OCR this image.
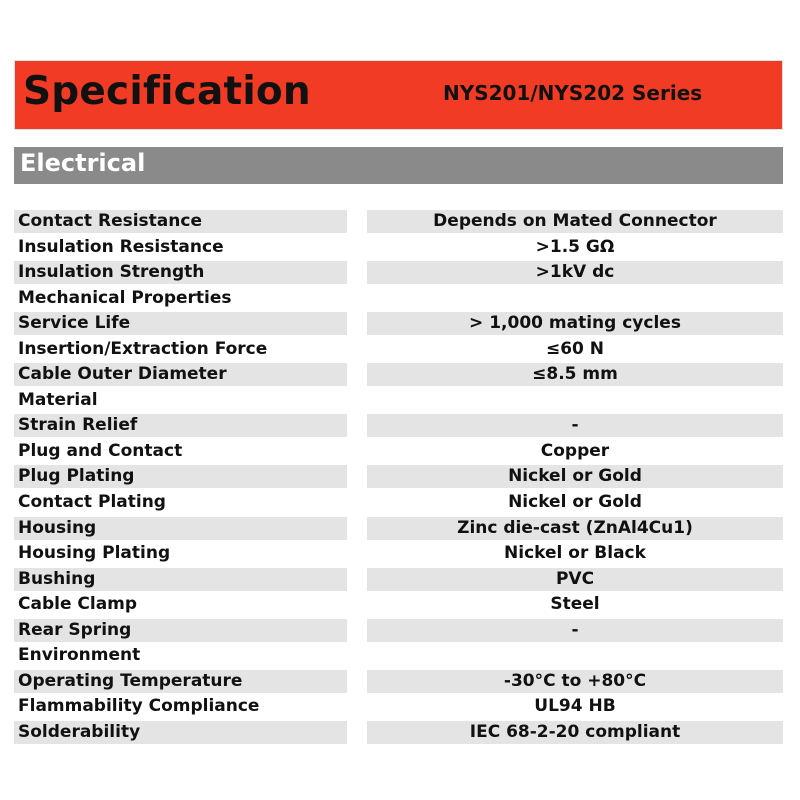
Specification	NYS201/NYS202 Series
Electrical
Contact Resistance	Depends on Mated Connector
Insulation Resistance	>1.5 GΩ
Insulation Strength	>1kV dc
Mechanical Properties
Service Life	> 1,000 mating cycles
Insertion/Extraction Force	≤60 N
Cable Outer Diameter	≤8.5 mm
Material
Strain Relief	-
Plug and Contact	Copper
Plug Plating	Nickel or Gold
Contact Plating	Nickel or Gold
Housing	Zinc die-cast (ZnAl4Cu1)
Housing Plating	Nickel or Black
Bushing	PVC
Cable Clamp	Steel
Rear Spring	-
Environment
Operating Temperature	-30°C to +80°C
Flammability Compliance	UL94 HB
Solderability	IEC 68-2-20 compliant
